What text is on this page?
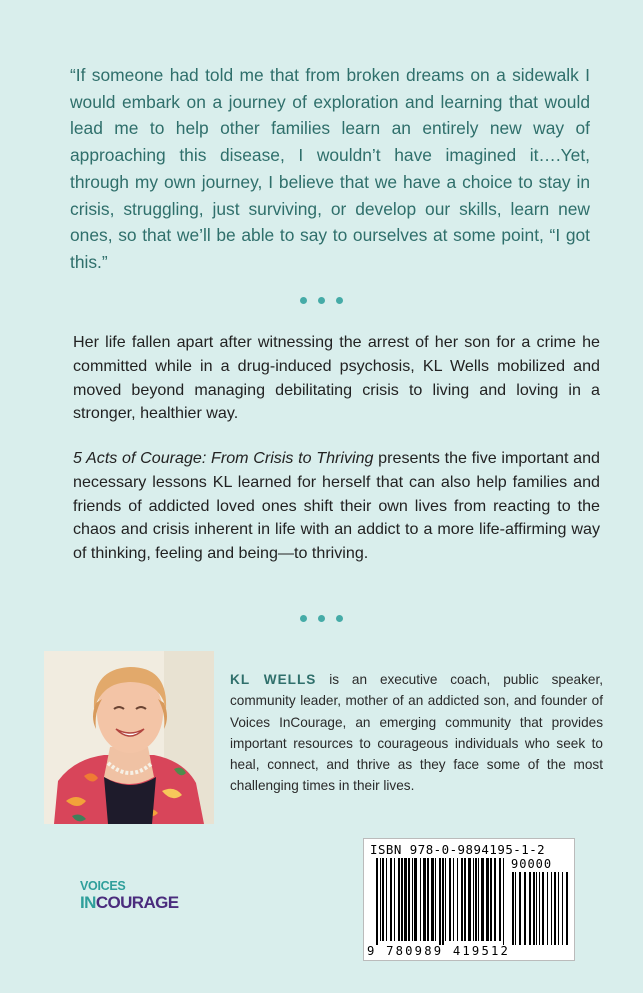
“If someone had told me that from broken dreams on a sidewalk I would embark on a journey of exploration and learning that would lead me to help other families learn an entirely new way of approaching this disease, I wouldn’t have imagined it….Yet, through my own journey, I believe that we have a choice to stay in crisis, struggling, just surviving, or develop our skills, learn new ones, so that we’ll be able to say to ourselves at some point, “I got this.”
Her life fallen apart after witnessing the arrest of her son for a crime he committed while in a drug-induced psychosis, KL Wells mobilized and moved beyond managing debilitating crisis to living and loving in a stronger, healthier way.
5 Acts of Courage: From Crisis to Thriving presents the five important and necessary lessons KL learned for herself that can also help families and friends of addicted loved ones shift their own lives from reacting to the chaos and crisis inherent in life with an addict to a more life-affirming way of thinking, feeling and being—to thriving.
KL WELLS is an executive coach, public speaker, community leader, mother of an addicted son, and founder of Voices InCourage, an emerging community that provides important resources to courageous individuals who seek to heal, connect, and thrive as they face some of the most challenging times in their lives.
VOICES
INCOURAGE
ISBN 978-0-9894195-1-2
90000
9 780989 419512
